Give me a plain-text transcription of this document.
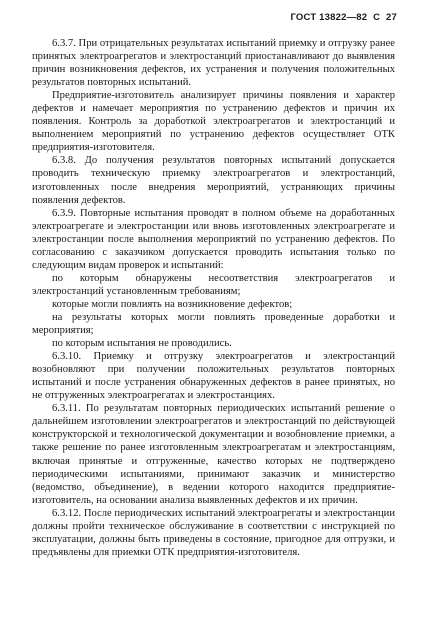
ГОСТ 13822—82 С 27

6.3.7. При отрицательных результатах испытаний приемку и отгрузку ранее принятых электроагрегатов и электростанций приостанавливают до выявления причин возникновения дефектов, их устранения и получения положительных результатов повторных испытаний.

Предприятие-изготовитель анализирует причины появления и характер дефектов и намечает мероприятия по устранению дефектов и причин их появления. Контроль за доработкой электроагрегатов и электростанций и выполнением мероприятий по устранению дефектов осуществляет ОТК предприятия-изготовителя.

6.3.8. До получения результатов повторных испытаний допускается проводить техническую приемку электроагрегатов и электростанций, изготовленных после внедрения мероприятий, устраняющих причины появления дефектов.

6.3.9. Повторные испытания проводят в полном объеме на доработанных электроагрегате и электростанции или вновь изготовленных электроагрегате и электростанции после выполнения мероприятий по устранению дефектов. По согласованию с заказчиком допускается проводить испытания только по следующим видам проверок и испытаний:

по которым обнаружены несоответствия электроагрегатов и электростанций установленным требованиям;

которые могли повлиять на возникновение дефектов;

на результаты которых могли повлиять проведенные доработки и мероприятия;

по которым испытания не проводились.

6.3.10. Приемку и отгрузку электроагрегатов и электростанций возобновляют при получении положительных результатов повторных испытаний и после устранения обнаруженных дефектов в ранее принятых, но не отгруженных электроагрегатах и электростанциях.

6.3.11. По результатам повторных периодических испытаний решение о дальнейшем изготовлении электроагрегатов и электростанций по действующей конструкторской и технологической документации и возобновление приемки, а также решение по ранее изготовленным электроагрегатам и электростанциям, включая принятые и отгруженные, качество которых не подтверждено периодическими испытаниями, принимают заказчик и министерство (ведомство, объединение), в ведении которого находится предприятие-изготовитель, на основании анализа выявленных дефектов и их причин.

6.3.12. После периодических испытаний электроагрегаты и электростанции должны пройти техническое обслуживание в соответствии с инструкцией по эксплуатации, должны быть приведены в состояние, пригодное для отгрузки, и предъявлены для приемки ОТК предприятия-изготовителя.
